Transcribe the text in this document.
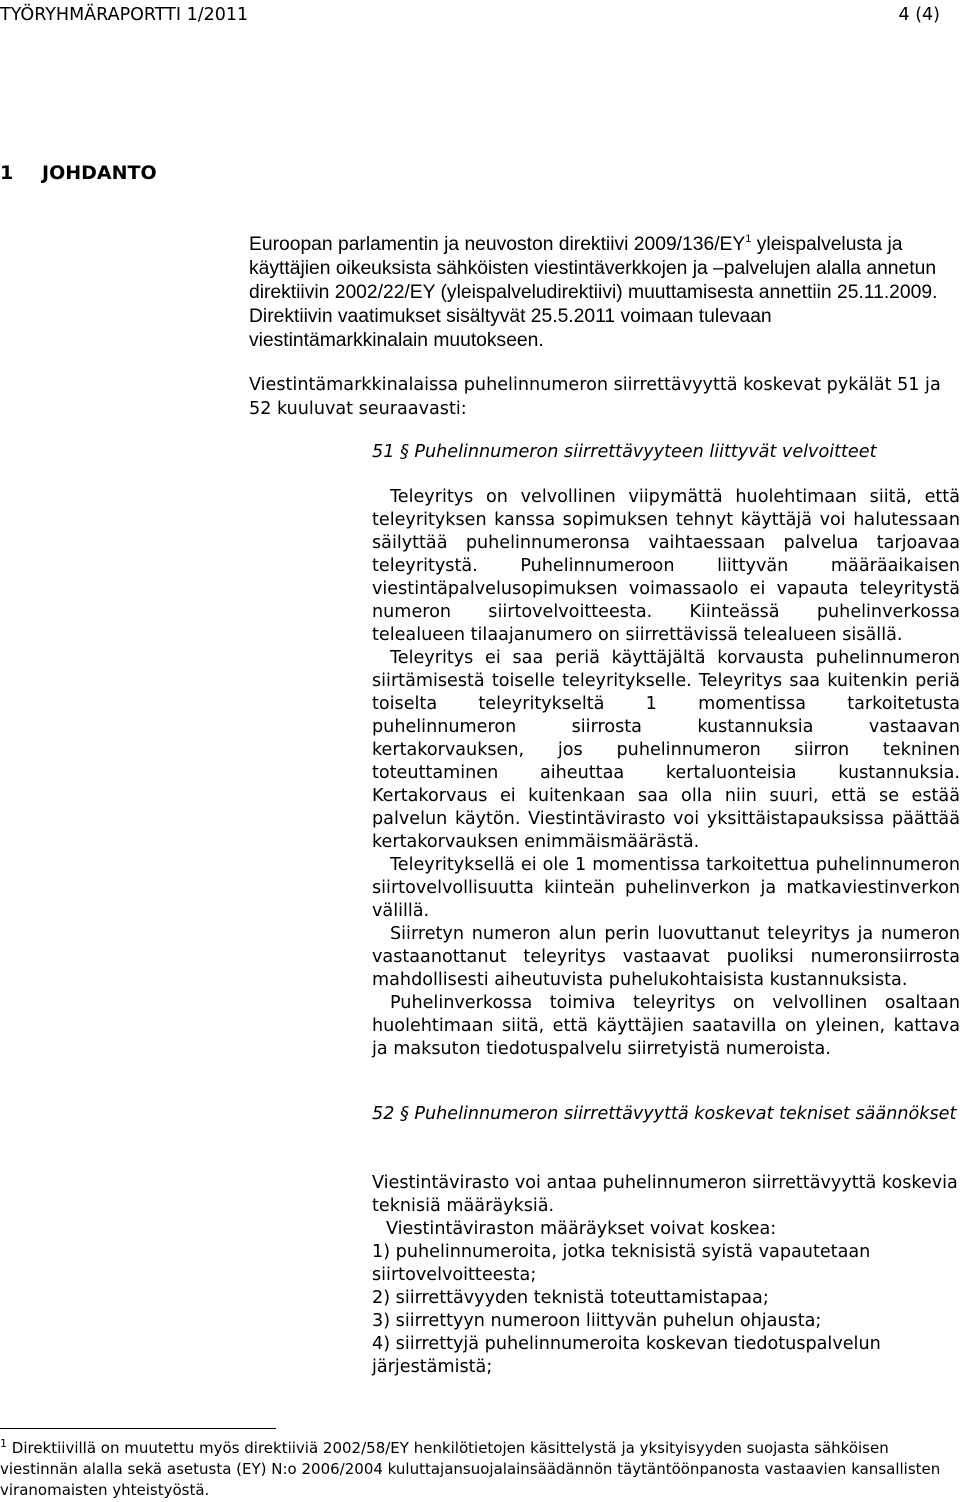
TYÖRYHMÄRAPORTTI 1/2011	4 (4)
1 JOHDANTO
Euroopan parlamentin ja neuvoston direktiivi $2009/136/EY^1$ yleispalvelusta ja käyttäjien oikeuksista sähköisten viestintäverkkojen ja –palvelujen alalla annetun direktiivin 2002/22/EY (yleispalveludirektiivi) muuttamisesta annettiin 25.11.2009. Direktiivin vaatimukset sisältyvät 25.5.2011 voimaan tulevaan viestintämarkkinalain muutokseen.
Viestintämarkkinalaissa puhelinnumeron siirrettävyyttä koskevat pykälät 51 ja 52 kuuluvat seuraavasti:
51 § Puhelinnumeron siirrettävyyteen liittyvät velvoitteet

Teleyritys on velvollinen viipymättä huolehtimaan siitä, että teleyrityksen kanssa sopimuksen tehnyt käyttäjä voi halutessaan säilyttää puhelinnumeronsa vaihtaessaan palvelua tarjoavaa teleyritystä. Puhelinnumeroon liittyvän määräaikaisen viestintäpalvelusopimuksen voimassaolo ei vapauta teleyritystä numeron siirtovelvoitteesta. Kiinteässä puhelinverkossa telealueen tilaajanumero on siirrettävissä telealueen sisällä.

Teleyritys ei saa periä käyttäjältä korvausta puhelinnumeron siirtämisestä toiselle teleyritykselle. Teleyritys saa kuitenkin periä toiselta teleyritykseltä 1 momentissa tarkoitetusta puhelinnumeron siirrosta kustannuksia vastaavan kertakorvauksen, jos puhelinnumeron siirron tekninen toteuttaminen aiheuttaa kertaluonteisia kustannuksia. Kertakorvaus ei kuitenkaan saa olla niin suuri, että se estää palvelun käytön. Viestintävirasto voi yksittäistapauksissa päättää kertakorvauksen enimmäismäärästä.

Teleyrityksellä ei ole 1 momentissa tarkoitettua puhelinnumeron siirtovelvollisuutta kiinteän puhelinverkon ja matkaviestinverkon välillä.

Siirretyn numeron alun perin luovuttanut teleyritys ja numeron vastaanottanut teleyritys vastaavat puoliksi numeronsiirrosta mahdollisesti aiheutuvista puhelukohtaisista kustannuksista.

Puhelinverkossa toimiva teleyritys on velvollinen osaltaan huolehtimaan siitä, että käyttäjien saatavilla on yleinen, kattava ja maksuton tiedotuspalvelu siirretyistä numeroista.

52 § Puhelinnumeron siirrettävyyttä koskevat tekniset säännökset

Viestintävirasto voi antaa puhelinnumeron siirrettävyyttä koskevia teknisiä määräyksiä.

Viestintäviraston määräykset voivat koskea:

1) puhelinnumeroita, jotka teknisistä syistä vapautetaan siirtovelvoitteesta;

2) siirrettävyyden teknistä toteuttamistapaa;

3) siirrettyyn numeroon liittyvän puhelun ohjausta;

4) siirrettyjä puhelinnumeroita koskevan tiedotuspalvelun järjestämistä;

$^1$ Direktiivillä on muutettu myös direktiiviä 2002/58/EY henkilötietojen käsittelystä ja yksityisyyden suojasta sähköisen viestinnän alalla sekä asetusta (EY) N:o 2006/2004 kuluttajansuojalainsäädännön täytäntöönpanosta vastaavien kansallisten viranomaisten yhteistyöstä.
